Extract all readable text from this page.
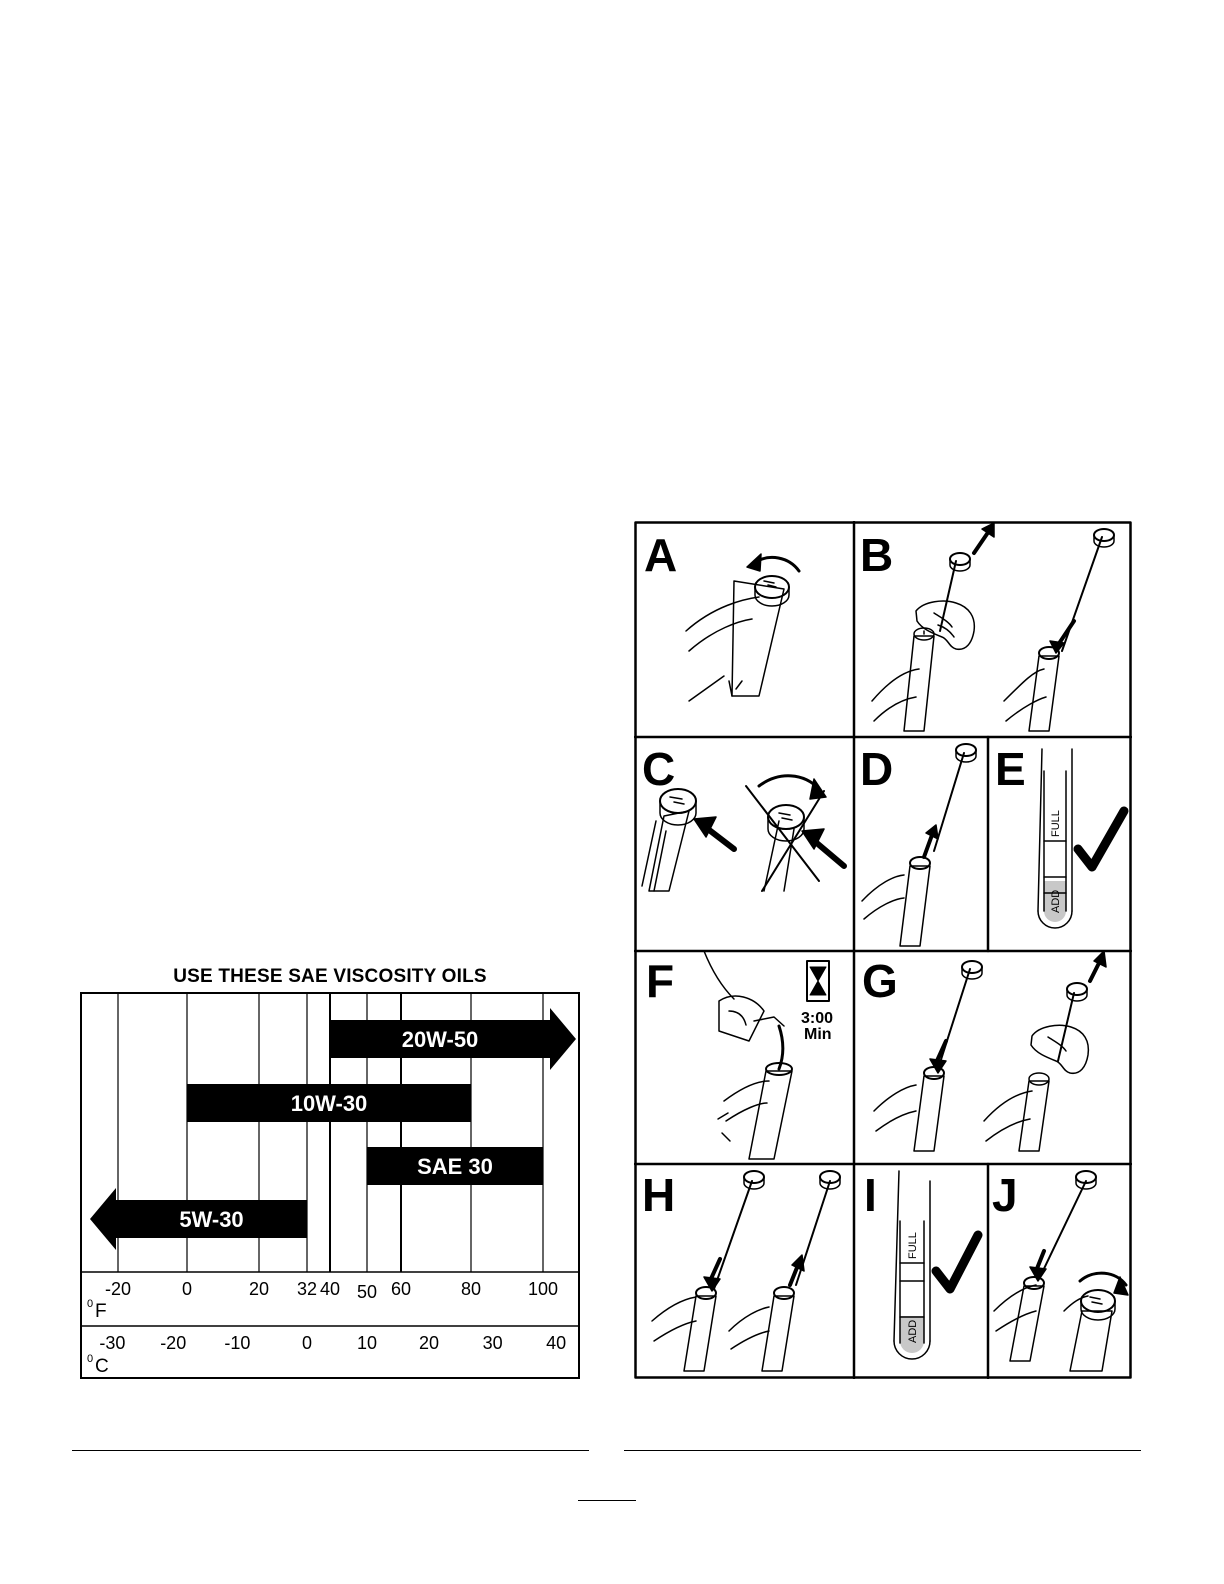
USE THESE SAE VISCOSITY OILS
20W-50
10W-30
SAE 30
5W-30
-20	0	20 32 40 50 60	80	100
-30 -20 -10	0 10 20 30 40
0 F
0 C
A	B
C	D E
F	G
H	I	J
ADD
FULL
3:00
Min
ADD
FULL
